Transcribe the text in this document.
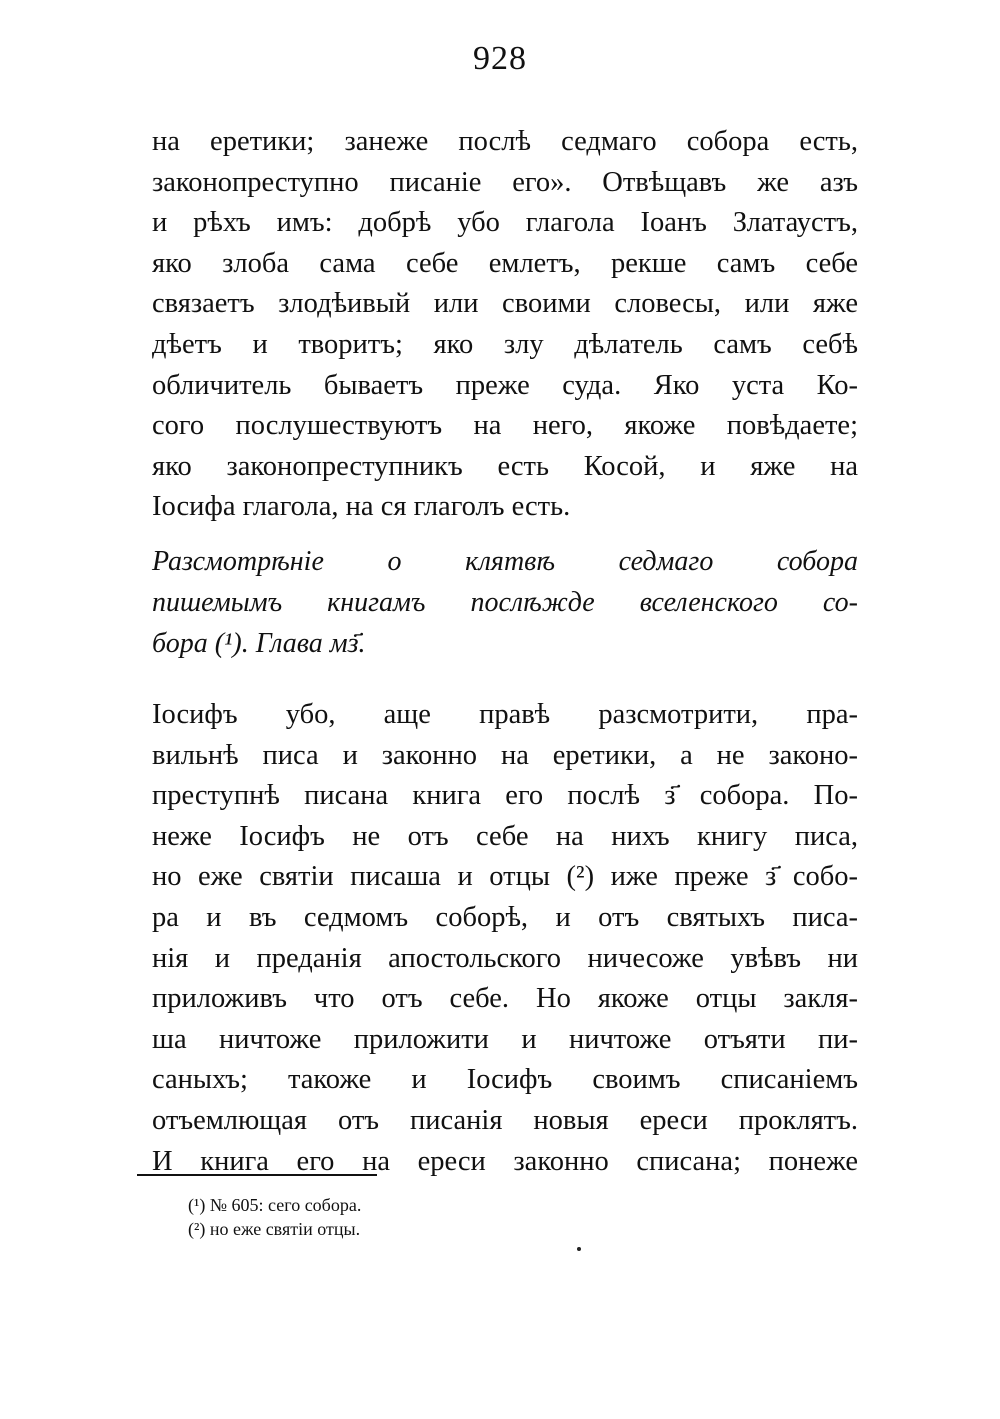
928
на еретики; занеже послѣ седмаго собора есть,
законопреступно писаніе его». Отвѣщавъ же азъ
и рѣхъ имъ: добрѣ убо глагола Іоанъ Златаустъ,
яко злоба сама себе емлетъ, рекше самъ себе
связаетъ злодѣивый или своими словесы, или яже
дѣетъ и творитъ; яко злу дѣлатель самъ себѣ
обличитель бываетъ преже суда. Яко уста Ко-
сого послушествуютъ на него, якоже повѣдаете;
яко законопреступникъ есть Косой, и яже на
Іосифа глагола, на ся глаголъ есть.
Разсмотрѣніе о клятвѣ седмаго собора
пишемымъ книгамъ послѣжде вселенского со-
бора (¹). Глава мз҃.
Іосифъ убо, аще правѣ разсмотрити, пра-
вильнѣ писа и законно на еретики, а не законо-
преступнѣ писана книга его послѣ з҃ собора. По-
неже Іосифъ не отъ себе на нихъ книгу писа,
но еже святіи писаша и отцы (²) иже преже з҃ собо-
ра и въ седмомъ соборѣ, и отъ святыхъ писа-
нія и преданія апостольского ничесоже увѣвъ ни
приложивъ что отъ себе. Но якоже отцы закля-
ша ничтоже приложити и ничтоже отъяти пи-
саныхъ; такоже и Іосифъ своимъ списаніемъ
отъемлющая отъ писанія новыя ереси проклятъ.
И книга его на ереси законно списана; понеже
(¹) № 605: сего собора.
(²) но еже святіи отцы.
